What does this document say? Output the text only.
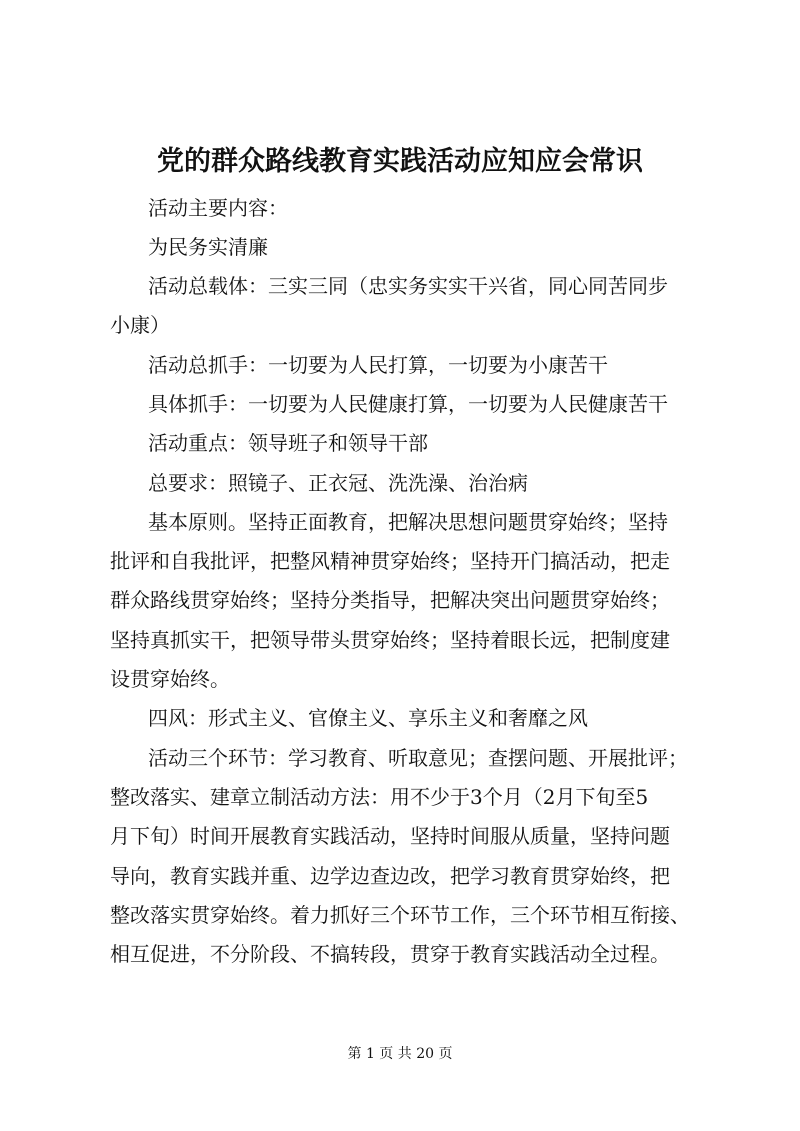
党的群众路线教育实践活动应知应会常识
活动主要内容：
为民务实清廉
活动总载体：三实三同（忠实务实实干兴省，同心同苦同步
小康）
活动总抓手：一切要为人民打算，一切要为小康苦干
具体抓手：一切要为人民健康打算，一切要为人民健康苦干
活动重点：领导班子和领导干部
总要求：照镜子、正衣冠、洗洗澡、治治病
基本原则。坚持正面教育，把解决思想问题贯穿始终；坚持
批评和自我批评，把整风精神贯穿始终；坚持开门搞活动，把走
群众路线贯穿始终；坚持分类指导，把解决突出问题贯穿始终；
坚持真抓实干，把领导带头贯穿始终；坚持着眼长远，把制度建
设贯穿始终。
四风：形式主义、官僚主义、享乐主义和奢靡之风
活动三个环节：学习教育、听取意见；查摆问题、开展批评；
整改落实、建章立制活动方法：用不少于3个月（2月下旬至5
月下旬）时间开展教育实践活动，坚持时间服从质量，坚持问题
导向，教育实践并重、边学边查边改，把学习教育贯穿始终，把
整改落实贯穿始终。着力抓好三个环节工作，三个环节相互衔接、
相互促进，不分阶段、不搞转段，贯穿于教育实践活动全过程。
第 1 页 共 20 页
